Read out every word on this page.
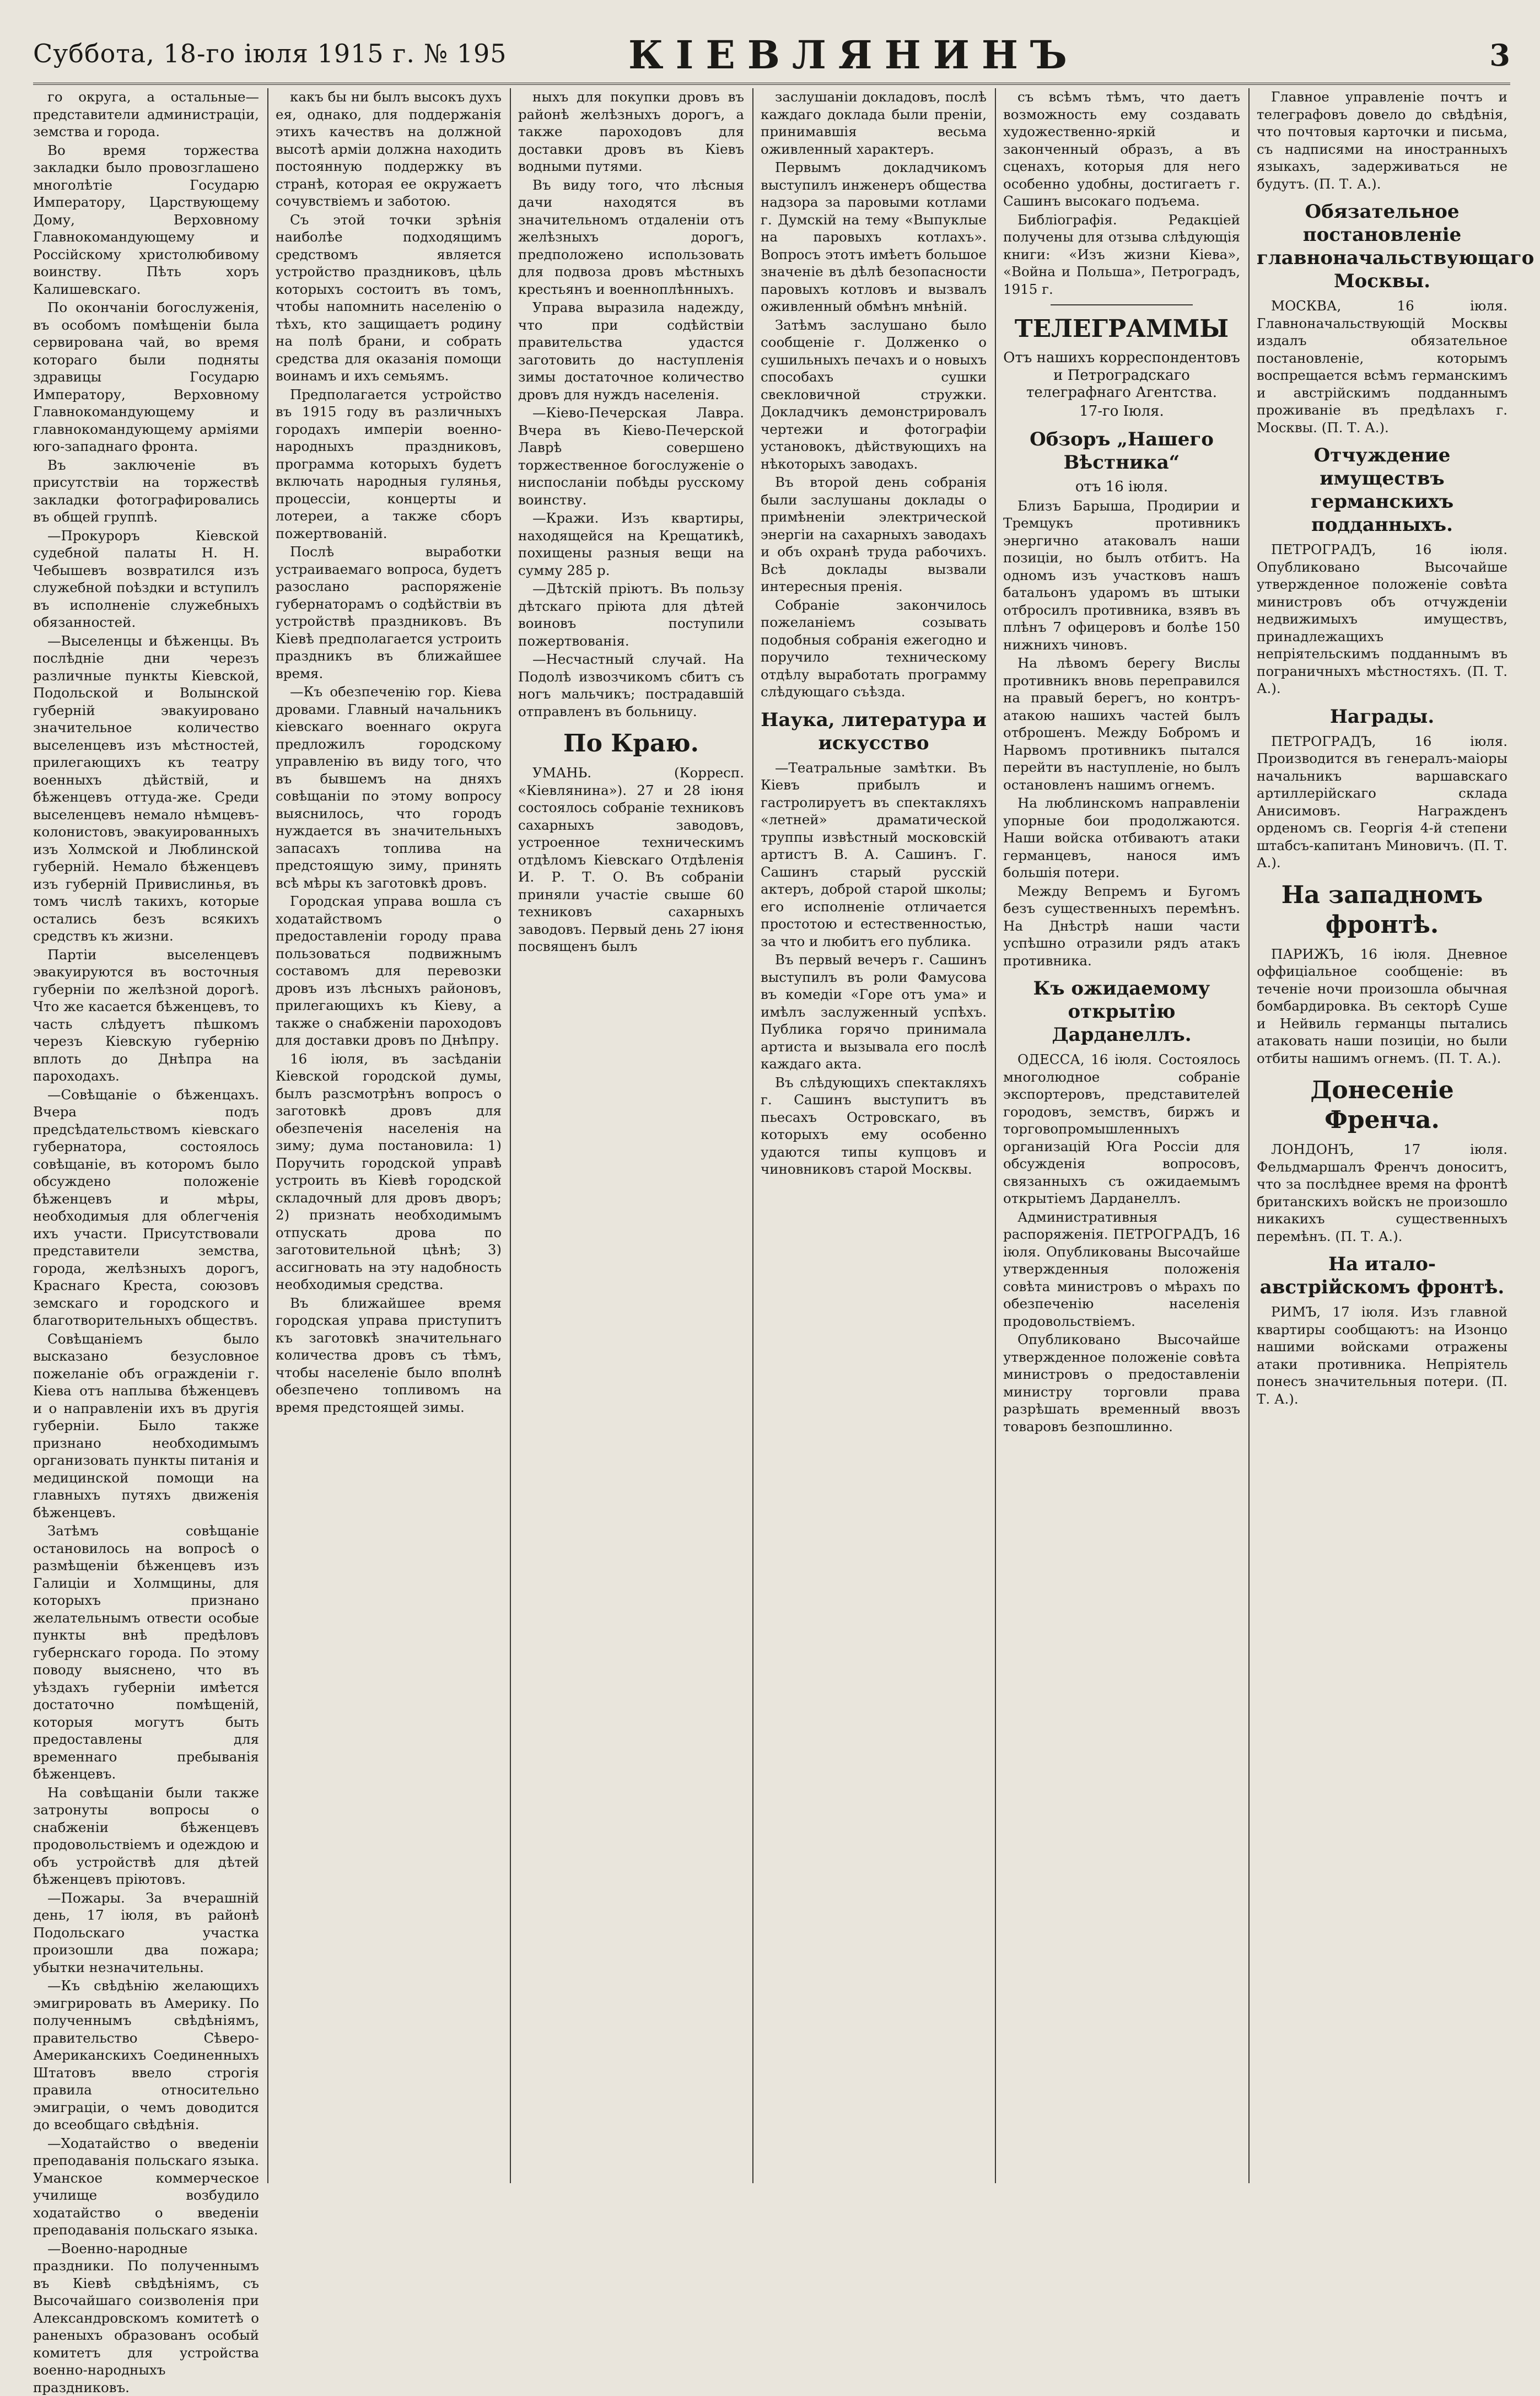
Суббота, 18-го іюля 1915 г. № 195	КІЕВЛЯНИНЪ	3

го округа, а остальные—представители администраціи, земства и города.

Во время торжества закладки было провозглашено многолѣтіе Государю Императору, Царствующему Дому, Верховному Главнокомандующему и Россійскому христолюбивому воинству. Пѣть хоръ Калишевскаго.

По окончаніи богослуженія, въ особомъ помѣщеніи была сервирована чай, во время котораго были подняты здравицы Государю Императору, Верховному Главнокомандующему и главнокомандующему арміями юго-западнаго фронта.

Въ заключеніе въ присутствіи на торжествѣ закладки фотографировались въ общей группѣ.

—Прокуроръ Кіевской судебной палаты Н. Н. Чебышевъ возвратился изъ служебной поѣздки и вступилъ въ исполненіе служебныхъ обязанностей.

—Выселенцы и бѣженцы. Въ послѣдніе дни черезъ различные пункты Кіевской, Подольской и Волынской губерній эвакуировано значительное количество выселенцевъ изъ мѣстностей, прилегающихъ къ театру военныхъ дѣйствій, и бѣженцевъ оттуда-же. Среди выселенцевъ немало нѣмцевъ-колонистовъ, эвакуированныхъ изъ Холмской и Люблинской губерній. Немало бѣженцевъ изъ губерній Привислинья, въ томъ числѣ такихъ, которые остались безъ всякихъ средствъ къ жизни.

Партіи выселенцевъ эвакуируются въ восточныя губерніи по желѣзной дорогѣ. Что же касается бѣженцевъ, то часть слѣдуетъ пѣшкомъ черезъ Кіевскую губернію вплоть до Днѣпра на пароходахъ.

—Совѣщаніе о бѣженцахъ. Вчера подъ предсѣдательствомъ кіевскаго губернатора, состоялось совѣщаніе, въ которомъ было обсуждено положеніе бѣженцевъ и мѣры, необходимыя для облегченія ихъ участи. Присутствовали представители земства, города, желѣзныхъ дорогъ, Краснаго Креста, союзовъ земскаго и городского и благотворительныхъ обществъ.

Совѣщаніемъ было высказано безусловное пожеланіе объ огражденіи г. Кіева отъ наплыва бѣженцевъ и о направленіи ихъ въ другія губерніи. Было также признано необходимымъ организовать пункты питанія и медицинской помощи на главныхъ путяхъ движенія бѣженцевъ.

Затѣмъ совѣщаніе остановилось на вопросѣ о размѣщеніи бѣженцевъ изъ Галиціи и Холмщины, для которыхъ признано желательнымъ отвести особые пункты внѣ предѣловъ губернскаго города. По этому поводу выяснено, что въ уѣздахъ губерніи имѣется достаточно помѣщеній, которыя могутъ быть предоставлены для временнаго пребыванія бѣженцевъ.

На совѣщаніи были также затронуты вопросы о снабженіи бѣженцевъ продовольствіемъ и одеждою и объ устройствѣ для дѣтей бѣженцевъ пріютовъ.

—Пожары. За вчерашній день, 17 іюля, въ районѣ Подольскаго участка произошли два пожара; убытки незначительны.

—Къ свѣдѣнію желающихъ эмигрировать въ Америку. По полученнымъ свѣдѣніямъ, правительство Сѣверо-Американскихъ Соединенныхъ Штатовъ ввело строгія правила относительно эмиграціи, о чемъ доводится до всеобщаго свѣдѣнія.

—Ходатайство о введеніи преподаванія польскаго языка. Уманское коммерческое училище возбудило ходатайство о введеніи преподаванія польскаго языка.

—Военно-народные праздники. По полученнымъ въ Кіевѣ свѣдѣніямъ, съ Высочайшаго соизволенія при Александровскомъ комитетѣ о раненыхъ образованъ особый комитетъ для устройства военно-народныхъ праздниковъ.

какъ бы ни былъ высокъ духъ ея, однако, для поддержанія этихъ качествъ на должной высотѣ арміи должна находить постоянную поддержку въ странѣ, которая ее окружаетъ сочувствіемъ и заботою.

Съ этой точки зрѣнія наиболѣе подходящимъ средствомъ является устройство праздниковъ, цѣль которыхъ состоитъ въ томъ, чтобы напомнить населенію о тѣхъ, кто защищаетъ родину на полѣ брани, и собрать средства для оказанія помощи воинамъ и ихъ семьямъ.

Предполагается устройство въ 1915 году въ различныхъ городахъ имперіи военно-народныхъ праздниковъ, программа которыхъ будетъ включать народныя гулянья, процессіи, концерты и лотереи, а также сборъ пожертвованій.

Послѣ выработки устраиваемаго вопроса, будетъ разослано распоряженіе губернаторамъ о содѣйствіи въ устройствѣ праздниковъ. Въ Кіевѣ предполагается устроить праздникъ въ ближайшее время.

—Къ обезпеченію гор. Кіева дровами. Главный начальникъ кіевскаго военнаго округа предложилъ городскому управленію въ виду того, что въ бывшемъ на дняхъ совѣщаніи по этому вопросу выяснилось, что городъ нуждается въ значительныхъ запасахъ топлива на предстоящую зиму, принять всѣ мѣры къ заготовкѣ дровъ.

Городская управа вошла съ ходатайствомъ о предоставленіи городу права пользоваться подвижнымъ составомъ для перевозки дровъ изъ лѣсныхъ районовъ, прилегающихъ къ Кіеву, а также о снабженіи пароходовъ для доставки дровъ по Днѣпру.

16 іюля, въ засѣданіи Кіевской городской думы, былъ разсмотрѣнъ вопросъ о заготовкѣ дровъ для обезпеченія населенія на зиму; дума постановила: 1) Поручить городской управѣ устроить въ Кіевѣ городской складочный для дровъ дворъ; 2) признать необходимымъ отпускать дрова по заготовительной цѣнѣ; 3) ассигновать на эту надобность необходимыя средства.

Въ ближайшее время городская управа приступитъ къ заготовкѣ значительнаго количества дровъ съ тѣмъ, чтобы населеніе было вполнѣ обезпечено топливомъ на время предстоящей зимы.

ныхъ для покупки дровъ въ районѣ желѣзныхъ дорогъ, а также пароходовъ для доставки дровъ въ Кіевъ водными путями.

Въ виду того, что лѣсныя дачи находятся въ значительномъ отдаленіи отъ желѣзныхъ дорогъ, предположено использовать для подвоза дровъ мѣстныхъ крестьянъ и военноплѣнныхъ.

Управа выразила надежду, что при содѣйствіи правительства удастся заготовить до наступленія зимы достаточное количество дровъ для нуждъ населенія.

—Кіево-Печерская Лавра. Вчера въ Кіево-Печерской Лаврѣ совершено торжественное богослуженіе о ниспосланіи побѣды русскому воинству.

—Кражи. Изъ квартиры, находящейся на Крещатикѣ, похищены разныя вещи на сумму 285 р.

—Дѣтскій пріютъ. Въ пользу дѣтскаго пріюта для дѣтей воиновъ поступили пожертвованія.

—Несчастный случай. На Подолѣ извозчикомъ сбитъ съ ногъ мальчикъ; пострадавшій отправленъ въ больницу.

По Краю.

УМАНЬ. (Корресп. «Кіевлянина»). 27 и 28 іюня состоялось собраніе техниковъ сахарныхъ заводовъ, устроенное техническимъ отдѣломъ Кіевскаго Отдѣленія И. Р. Т. О. Въ собраніи приняли участіе свыше 60 техниковъ сахарныхъ заводовъ. Первый день 27 іюня посвященъ былъ

заслушаніи докладовъ, послѣ каждаго доклада были преніи, принимавшія весьма оживленный характеръ.

Первымъ докладчикомъ выступилъ инженеръ общества надзора за паровыми котлами г. Думскій на тему «Выпуклые на паровыхъ котлахъ». Вопросъ этотъ имѣетъ большое значеніе въ дѣлѣ безопасности паровыхъ котловъ и вызвалъ оживленный обмѣнъ мнѣній.

Затѣмъ заслушано было сообщеніе г. Долженко о сушильныхъ печахъ и о новыхъ способахъ сушки свекловичной стружки. Докладчикъ демонстрировалъ чертежи и фотографіи установокъ, дѣйствующихъ на нѣкоторыхъ заводахъ.

Въ второй день собранія были заслушаны доклады о примѣненіи электрической энергіи на сахарныхъ заводахъ и объ охранѣ труда рабочихъ. Всѣ доклады вызвали интересныя пренія.

Собраніе закончилось пожеланіемъ созывать подобныя собранія ежегодно и поручило техническому отдѣлу выработать программу слѣдующаго съѣзда.

Наука, литература и искусство

—Театральные замѣтки. Въ Кіевъ прибылъ и гастролируетъ въ спектакляхъ «летней» драматической труппы извѣстный московскій артистъ В. А. Сашинъ. Г. Сашинъ старый русскій актеръ, доброй старой школы; его исполненіе отличается простотою и естественностью, за что и любитъ его публика.

Въ первый вечеръ г. Сашинъ выступилъ въ роли Фамусова въ комедіи «Горе отъ ума» и имѣлъ заслуженный успѣхъ. Публика горячо принимала артиста и вызывала его послѣ каждаго акта.

Въ слѣдующихъ спектакляхъ г. Сашинъ выступитъ въ пьесахъ Островскаго, въ которыхъ ему особенно удаются типы купцовъ и чиновниковъ старой Москвы.

съ всѣмъ тѣмъ, что даетъ возможность ему создавать художественно-яркій и законченный образъ, а въ сценахъ, которыя для него особенно удобны, достигаетъ г. Сашинъ высокаго подъема.

Библіографія. Редакціей получены для отзыва слѣдующія книги: «Изъ жизни Кіева», «Война и Польша», Петроградъ, 1915 г.

ТЕЛЕГРАММЫ

Отъ нашихъ корреспондентовъ и Петроградскаго телеграфнаго Агентства.

17-го Іюля.

Обзоръ „Нашего Вѣстника“

отъ 16 іюля.

Близъ Барыша, Продирии и Тремцукъ противникъ энергично атаковалъ наши позиціи, но былъ отбитъ. На одномъ изъ участковъ нашъ батальонъ ударомъ въ штыки отбросилъ противника, взявъ въ плѣнъ 7 офицеровъ и болѣе 150 нижнихъ чиновъ.

На лѣвомъ берегу Вислы противникъ вновь переправился на правый берегъ, но контръ-атакою нашихъ частей былъ отброшенъ. Между Бобромъ и Нарвомъ противникъ пытался перейти въ наступленіе, но былъ остановленъ нашимъ огнемъ.

На люблинскомъ направленіи упорные бои продолжаются. Наши войска отбиваютъ атаки германцевъ, нанося имъ большія потери.

Между Вепремъ и Бугомъ безъ существенныхъ перемѣнъ. На Днѣстрѣ наши части успѣшно отразили рядъ атакъ противника.

Къ ожидаемому открытію Дарданеллъ.

ОДЕССА, 16 іюля. Состоялось многолюдное собраніе экспортеровъ, представителей городовъ, земствъ, биржъ и торговопромышленныхъ организацій Юга Россіи для обсужденія вопросовъ, связанныхъ съ ожидаемымъ открытіемъ Дарданеллъ.

Административныя распоряженія. ПЕТРОГРАДЪ, 16 іюля. Опубликованы Высочайше утвержденныя положенія совѣта министровъ о мѣрахъ по обезпеченію населенія продовольствіемъ.

Опубликовано Высочайше утвержденное положеніе совѣта министровъ о предоставленіи министру торговли права разрѣшать временный ввозъ товаровъ безпошлинно.

Главное управленіе почтъ и телеграфовъ довело до свѣдѣнія, что почтовыя карточки и письма, съ надписями на иностранныхъ языкахъ, задерживаться не будутъ. (П. Т. А.).

Обязательное постановленіе главноначальствующаго Москвы.

МОСКВА, 16 іюля. Главноначальствующій Москвы издалъ обязательное постановленіе, которымъ воспрещается всѣмъ германскимъ и австрійскимъ подданнымъ проживаніе въ предѣлахъ г. Москвы. (П. Т. А.).

Отчуждение имуществъ германскихъ подданныхъ.

ПЕТРОГРАДЪ, 16 іюля. Опубликовано Высочайше утвержденное положеніе совѣта министровъ объ отчужденіи недвижимыхъ имуществъ, принадлежащихъ непріятельскимъ подданнымъ въ пограничныхъ мѣстностяхъ. (П. Т. А.).

Награды.

ПЕТРОГРАДЪ, 16 іюля. Производится въ генералъ-маіоры начальникъ варшавскаго артиллерійскаго склада Анисимовъ. Награжденъ орденомъ св. Георгія 4-й степени штабсъ-капитанъ Миновичъ. (П. Т. А.).

На западномъ фронтѣ.

ПАРИЖЪ, 16 іюля. Дневное оффиціальное сообщеніе: въ теченіе ночи произошла обычная бомбардировка. Въ секторѣ Суше и Нейвиль германцы пытались атаковать наши позиціи, но были отбиты нашимъ огнемъ. (П. Т. А.).

Донесеніе Френча.

ЛОНДОНЪ, 17 іюля. Фельдмаршалъ Френчъ доноситъ, что за послѣднее время на фронтѣ британскихъ войскъ не произошло никакихъ существенныхъ перемѣнъ. (П. Т. А.).

На итало-австрійскомъ фронтѣ.

РИМЪ, 17 іюля. Изъ главной квартиры сообщаютъ: на Изонцо нашими войсками отражены атаки противника. Непріятель понесъ значительныя потери. (П. Т. А.).
